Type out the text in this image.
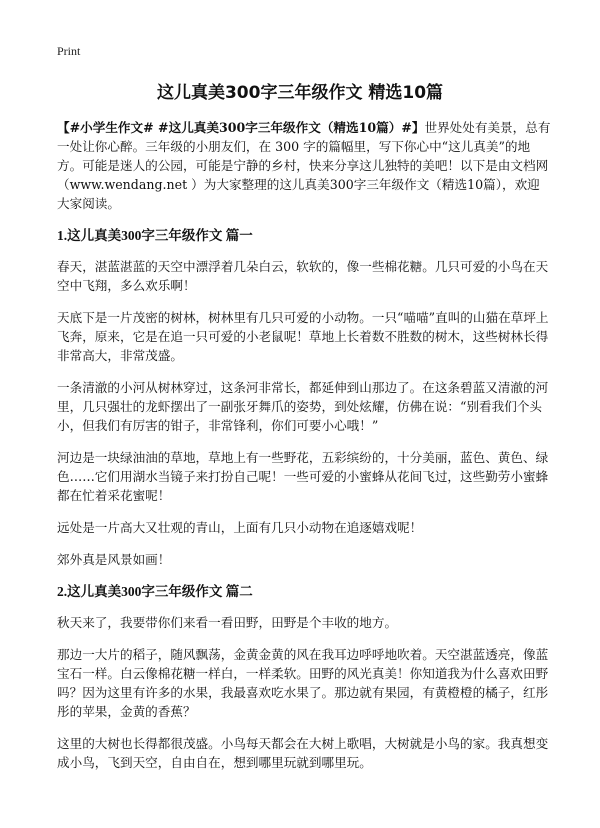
Print
这儿真美300字三年级作文 精选10篇

【#小学生作文# #这儿真美300字三年级作文（精选10篇）#】世界处处有美景，总有一处让你心醉。三年级的小朋友们，在 300 字的篇幅里，写下你心中“这儿真美”的地方。可能是迷人的公园，可能是宁静的乡村，快来分享这儿独特的美吧！以下是由文档网（www.wendang.net ）为大家整理的这儿真美300字三年级作文（精选10篇），欢迎大家阅读。

1.这儿真美300字三年级作文 篇一

春天，湛蓝湛蓝的天空中漂浮着几朵白云，软软的，像一些棉花糖。几只可爱的小鸟在天空中飞翔，多么欢乐啊！

天底下是一片茂密的树林，树林里有几只可爱的小动物。一只“喵喵”直叫的山猫在草坪上飞奔，原来，它是在追一只可爱的小老鼠呢！草地上长着数不胜数的树木，这些树林长得非常高大，非常茂盛。

一条清澈的小河从树林穿过，这条河非常长，都延伸到山那边了。在这条碧蓝又清澈的河里，几只强壮的龙虾摆出了一副张牙舞爪的姿势，到处炫耀，仿佛在说：“别看我们个头小，但我们有厉害的钳子，非常锋利，你们可要小心哦！”

河边是一块绿油油的草地，草地上有一些野花，五彩缤纷的，十分美丽，蓝色、黄色、绿色……它们用湖水当镜子来打扮自己呢！一些可爱的小蜜蜂从花间飞过，这些勤劳小蜜蜂都在忙着采花蜜呢！

远处是一片高大又壮观的青山，上面有几只小动物在追逐嬉戏呢！

郊外真是风景如画！

2.这儿真美300字三年级作文 篇二

秋天来了，我要带你们来看一看田野，田野是个丰收的地方。

那边一大片的稻子，随风飘荡，金黄金黄的风在我耳边呼呼地吹着。天空湛蓝透亮，像蓝宝石一样。白云像棉花糖一样白，一样柔软。田野的风光真美！你知道我为什么喜欢田野吗？因为这里有许多的水果，我最喜欢吃水果了。那边就有果园，有黄橙橙的橘子，红彤彤的苹果，金黄的香蕉？

这里的大树也长得都很茂盛。小鸟每天都会在大树上歌唱，大树就是小鸟的家。我真想变成小鸟，飞到天空，自由自在，想到哪里玩就到哪里玩。
